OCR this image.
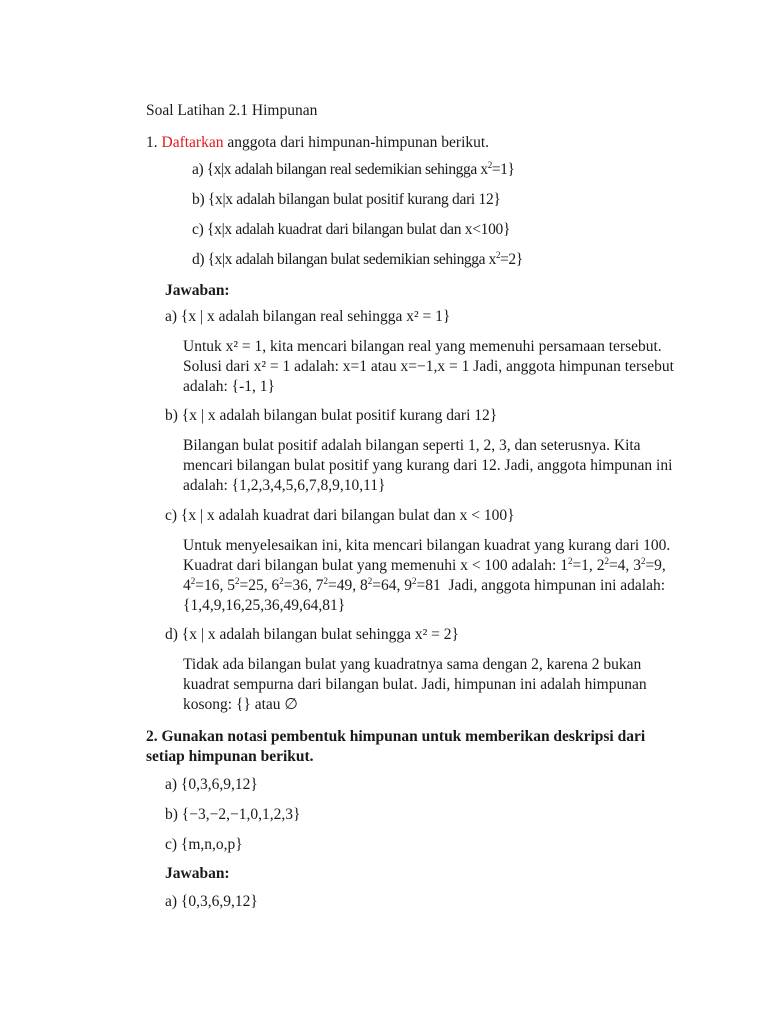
Soal Latihan 2.1 Himpunan
1. Daftarkan anggota dari himpunan-himpunan berikut.
a) {x|x adalah bilangan real sedemikian sehingga $x^2=1$}
b) {x|x adalah bilangan bulat positif kurang dari 12}
c) {x|x adalah kuadrat dari bilangan bulat dan x<100}
d) {x|x adalah bilangan bulat sedemikian sehingga $x^2=2$}
Jawaban:
a) {x | x adalah bilangan real sehingga x² = 1}
Untuk x² = 1, kita mencari bilangan real yang memenuhi persamaan tersebut.
Solusi dari x² = 1 adalah: x=1 atau x=−1,x = 1 Jadi, anggota himpunan tersebut
adalah: {-1, 1}
b) {x | x adalah bilangan bulat positif kurang dari 12}
Bilangan bulat positif adalah bilangan seperti 1, 2, 3, dan seterusnya. Kita
mencari bilangan bulat positif yang kurang dari 12. Jadi, anggota himpunan ini
adalah: {1,2,3,4,5,6,7,8,9,10,11}
c) {x | x adalah kuadrat dari bilangan bulat dan x < 100}
Untuk menyelesaikan ini, kita mencari bilangan kuadrat yang kurang dari 100.
Kuadrat dari bilangan bulat yang memenuhi x < 100 adalah: $1^2=1$, $2^2=4$, $3^2=9$,
$4^2=16$, $5^2=25$, $6^2=36$, $7^2=49$, $8^2=64$, $9^2=81$  Jadi, anggota himpunan ini adalah:
{1,4,9,16,25,36,49,64,81}
d) {x | x adalah bilangan bulat sehingga x² = 2}
Tidak ada bilangan bulat yang kuadratnya sama dengan 2, karena 2 bukan
kuadrat sempurna dari bilangan bulat. Jadi, himpunan ini adalah himpunan
kosong: {} atau ∅
2. Gunakan notasi pembentuk himpunan untuk memberikan deskripsi dari
setiap himpunan berikut.
a) {0,3,6,9,12}
b) {−3,−2,−1,0,1,2,3}
c) {m,n,o,p}
Jawaban:
a) {0,3,6,9,12}
